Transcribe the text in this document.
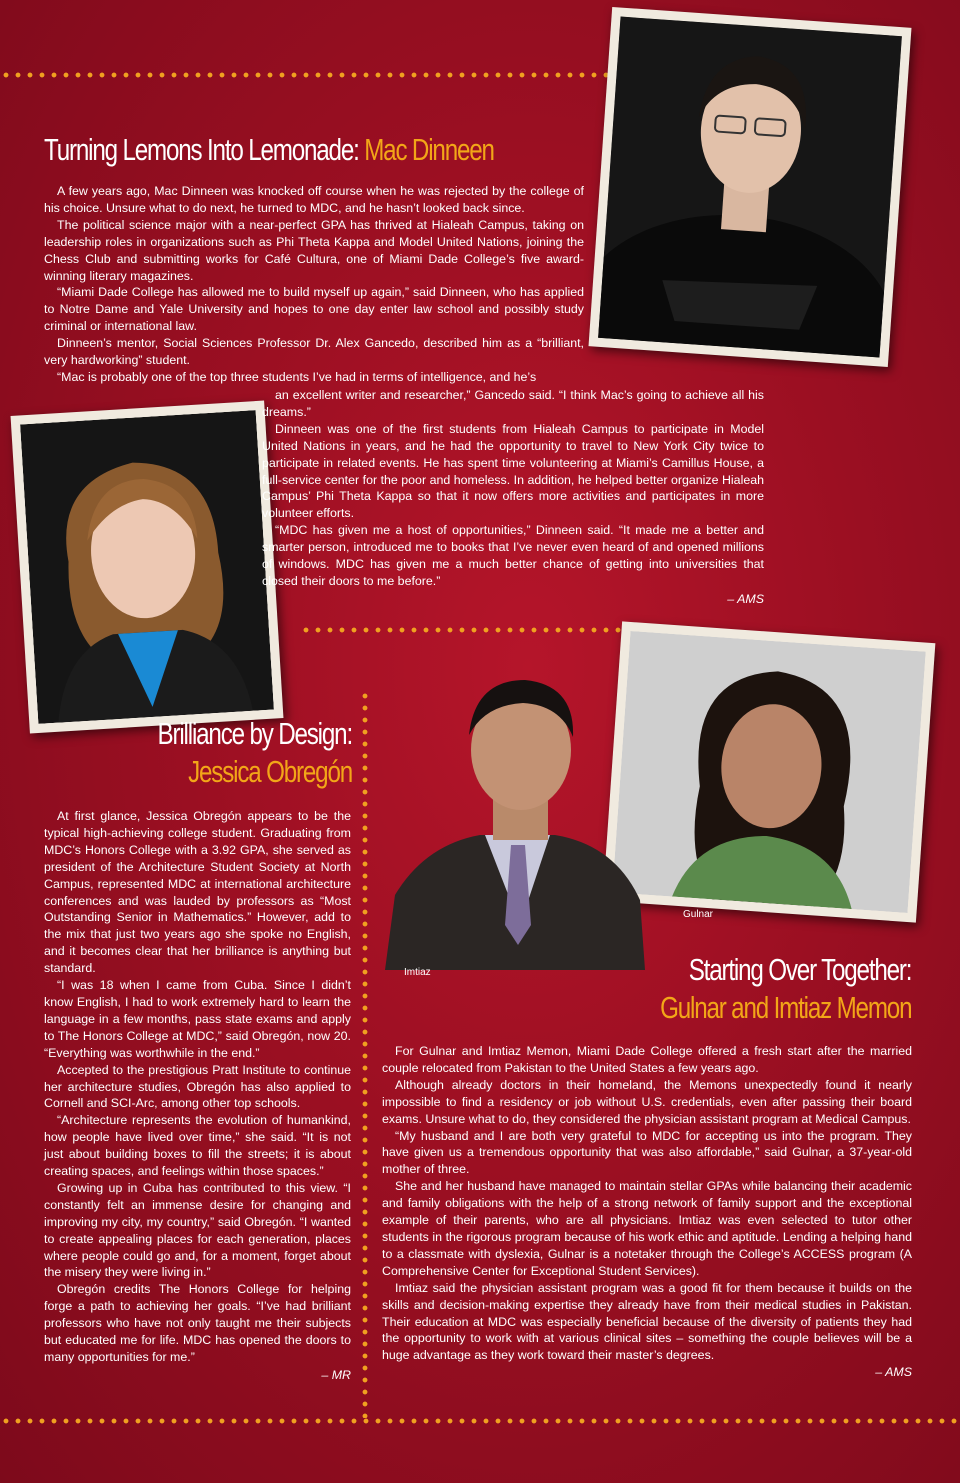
Turning Lemons Into Lemonade: Mac Dinneen

A few years ago, Mac Dinneen was knocked off course when he was rejected by the college of his choice. Unsure what to do next, he turned to MDC, and he hasn’t looked back since.

The political science major with a near-perfect GPA has thrived at Hialeah Campus, taking on leadership roles in organizations such as Phi Theta Kappa and Model United Nations, joining the Chess Club and submitting works for Café Cultura, one of Miami Dade College’s five award-winning literary magazines.

“Miami Dade College has allowed me to build myself up again,” said Dinneen, who has applied to Notre Dame and Yale University and hopes to one day enter law school and possibly study criminal or international law.

Dinneen’s mentor, Social Sciences Professor Dr. Alex Gancedo, described him as a “brilliant, very hardworking” student.

“Mac is probably one of the top three students I’ve had in terms of intelligence, and he’s

an excellent writer and researcher,” Gancedo said. “I think Mac’s going to achieve all his dreams.”

Dinneen was one of the first students from Hialeah Campus to participate in Model United Nations in years, and he had the opportunity to travel to New York City twice to participate in related events. He has spent time volunteering at Miami’s Camillus House, a full-service center for the poor and homeless. In addition, he helped better organize Hialeah Campus’ Phi Theta Kappa so that it now offers more activities and participates in more volunteer efforts.

“MDC has given me a host of opportunities,” Dinneen said. “It made me a better and smarter person, introduced me to books that I’ve never even heard of and opened millions of windows. MDC has given me a much better chance of getting into universities that closed their doors to me before.”

– AMS
Brilliance by Design:
Jessica Obregón

At first glance, Jessica Obregón appears to be the typical high-achieving college student. Graduating from MDC’s Honors College with a 3.92 GPA, she served as president of the Architecture Student Society at North Campus, represented MDC at international architecture conferences and was lauded by professors as “Most Outstanding Senior in Mathematics.” However, add to the mix that just two years ago she spoke no English, and it becomes clear that her brilliance is anything but standard.

“I was 18 when I came from Cuba. Since I didn’t know English, I had to work extremely hard to learn the language in a few months, pass state exams and apply to The Honors College at MDC,” said Obregón, now 20. “Everything was worthwhile in the end.”

Accepted to the prestigious Pratt Institute to continue her architecture studies, Obregón has also applied to Cornell and SCI-Arc, among other top schools.

“Architecture represents the evolution of humankind, how people have lived over time,” she said. “It is not just about building boxes to fill the streets; it is about creating spaces, and feelings within those spaces.”

Growing up in Cuba has contributed to this view. “I constantly felt an immense desire for changing and improving my city, my country,” said Obregón. “I wanted to create appealing places for each generation, places where people could go and, for a moment, forget about the misery they were living in.”

Obregón credits The Honors College for helping forge a path to achieving her goals. “I’ve had brilliant professors who have not only taught me their subjects but educated me for life. MDC has opened the doors to many opportunities for me.”

– MR
Gulnar
Imtiaz	Starting Over Together:
Gulnar and Imtiaz Memon

For Gulnar and Imtiaz Memon, Miami Dade College offered a fresh start after the married couple relocated from Pakistan to the United States a few years ago.

Although already doctors in their homeland, the Memons unexpectedly found it nearly impossible to find a residency or job without U.S. credentials, even after passing their board exams. Unsure what to do, they considered the physician assistant program at Medical Campus.

“My husband and I are both very grateful to MDC for accepting us into the program. They have given us a tremendous opportunity that was also affordable,” said Gulnar, a 37-year-old mother of three.

She and her husband have managed to maintain stellar GPAs while balancing their academic and family obligations with the help of a strong network of family support and the exceptional example of their parents, who are all physicians. Imtiaz was even selected to tutor other students in the rigorous program because of his work ethic and aptitude. Lending a helping hand to a classmate with dyslexia, Gulnar is a notetaker through the College’s ACCESS program (A Comprehensive Center for Exceptional Student Services).

Imtiaz said the physician assistant program was a good fit for them because it builds on the skills and decision-making expertise they already have from their medical studies in Pakistan. Their education at MDC was especially beneficial because of the diversity of patients they had the opportunity to work with at various clinical sites – something the couple believes will be a huge advantage as they work toward their master’s degrees.

– AMS
